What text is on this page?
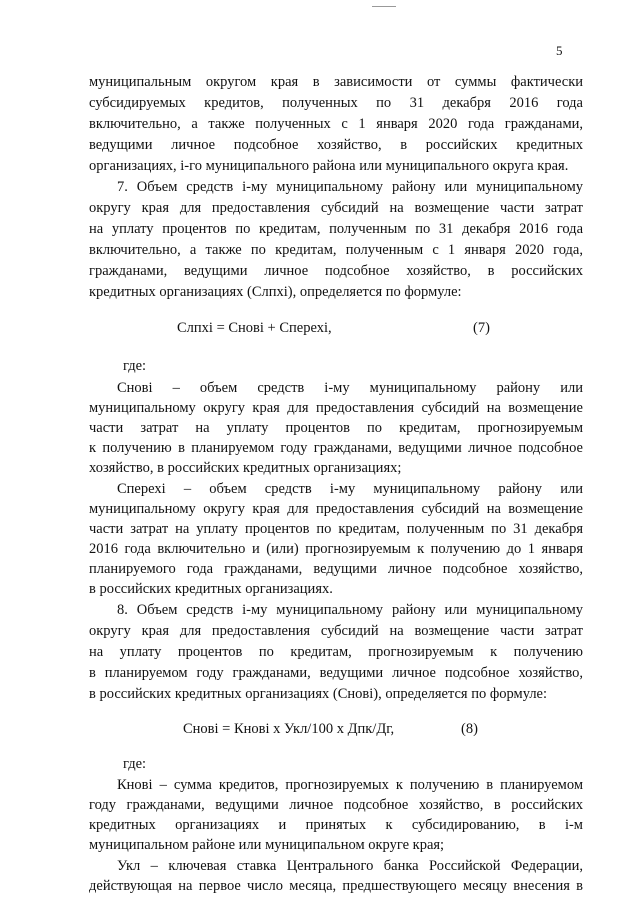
5
муниципальным округом края в зависимости от суммы фактически
субсидируемых кредитов, полученных по 31 декабря 2016 года
включительно, а также полученных с 1 января 2020 года гражданами,
ведущими личное подсобное хозяйство, в российских кредитных
организациях, i-го муниципального района или муниципального округа края.
7. Объем средств i-му муниципальному району или муниципальному
округу края для предоставления субсидий на возмещение части затрат
на уплату процентов по кредитам, полученным по 31 декабря 2016 года
включительно, а также по кредитам, полученным с 1 января 2020 года,
гражданами, ведущими личное подсобное хозяйство, в российских
кредитных организациях (Слпхi), определяется по формуле:
Слпхi = Снові + Сперехi,	(7)
где:
Снові – объем средств i-му муниципальному району или
муниципальному округу края для предоставления субсидий на возмещение
части затрат на уплату процентов по кредитам, прогнозируемым
к получению в планируемом году гражданами, ведущими личное подсобное
хозяйство, в российских кредитных организациях;
Сперехi – объем средств i-му муниципальному району или
муниципальному округу края для предоставления субсидий на возмещение
части затрат на уплату процентов по кредитам, полученным по 31 декабря
2016 года включительно и (или) прогнозируемым к получению до 1 января
планируемого года гражданами, ведущими личное подсобное хозяйство,
в российских кредитных организациях.
8. Объем средств i-му муниципальному району или муниципальному
округу края для предоставления субсидий на возмещение части затрат
на уплату процентов по кредитам, прогнозируемым к получению
в планируемом году гражданами, ведущими личное подсобное хозяйство,
в российских кредитных организациях (Снові), определяется по формуле:
Снові = Кнові x Укл/100 x Дпк/Дг,	(8)
где:
Кнові – сумма кредитов, прогнозируемых к получению в планируемом
году гражданами, ведущими личное подсобное хозяйство, в российских
кредитных организациях и принятых к субсидированию, в i-м
муниципальном районе или муниципальном округе края;
Укл – ключевая ставка Центрального банка Российской Федерации,
действующая на первое число месяца, предшествующего месяцу внесения в
